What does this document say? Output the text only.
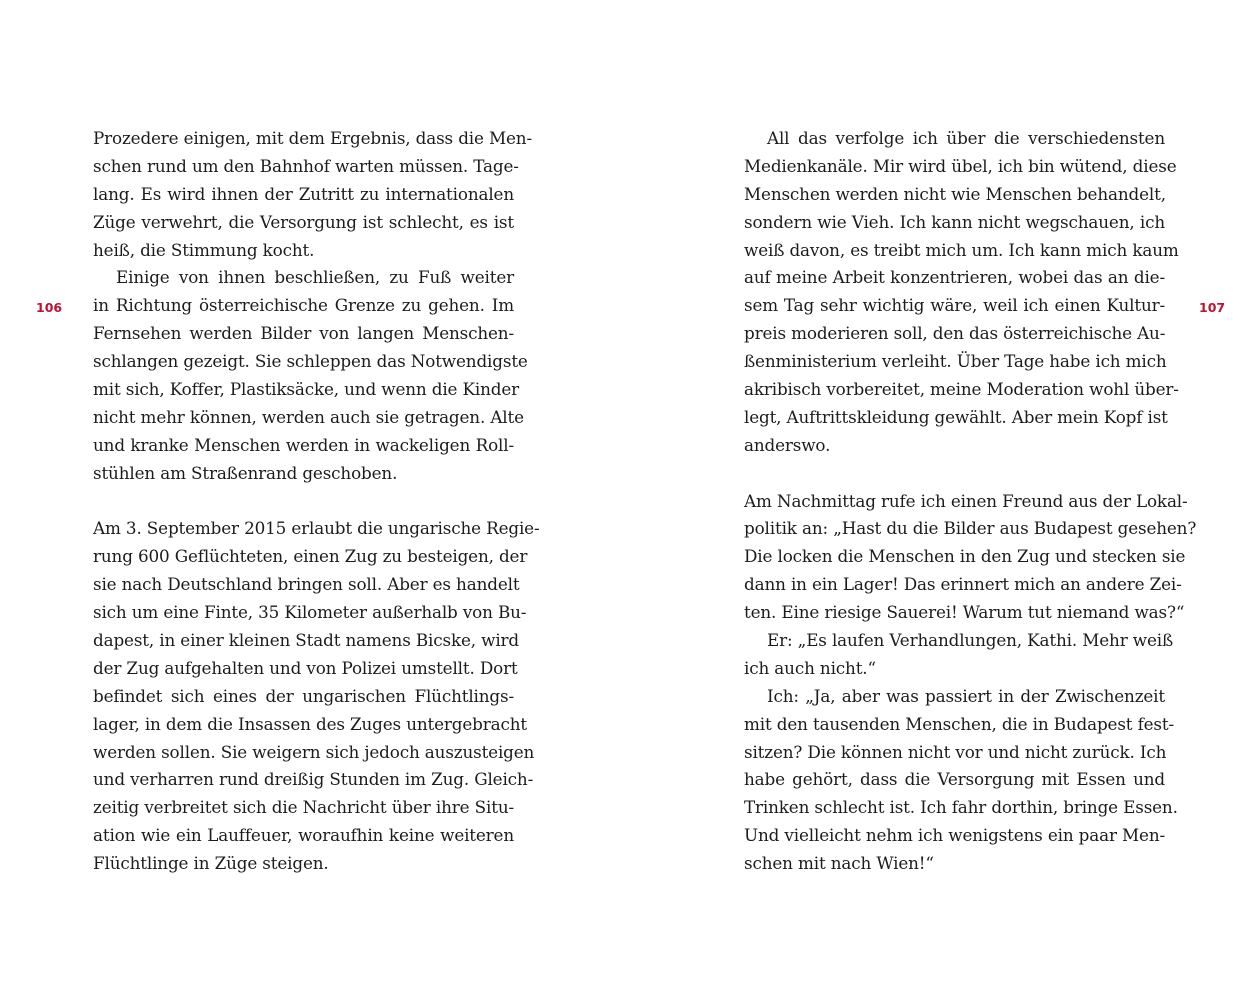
106
Prozedere einigen, mit dem Ergebnis, dass die Men-
schen rund um den Bahnhof warten müssen. Tage-
lang. Es wird ihnen der Zutritt zu internationalen
Züge verwehrt, die Versorgung ist schlecht, es ist
heiß, die Stimmung kocht.
Einige von ihnen beschließen, zu Fuß weiter
in Richtung österreichische Grenze zu gehen. Im
Fernsehen werden Bilder von langen Menschen-
schlangen gezeigt. Sie schleppen das Notwendigste
mit sich, Koffer, Plastiksäcke, und wenn die Kinder
nicht mehr können, werden auch sie getragen. Alte
und kranke Menschen werden in wackeligen Roll-
stühlen am Straßenrand geschoben.
Am 3. September 2015 erlaubt die ungarische Regie-
rung 600 Geflüchteten, einen Zug zu besteigen, der
sie nach Deutschland bringen soll. Aber es handelt
sich um eine Finte, 35 Kilometer außerhalb von Bu-
dapest, in einer kleinen Stadt namens Bicske, wird
der Zug aufgehalten und von Polizei umstellt. Dort
befindet sich eines der ungarischen Flüchtlings-
lager, in dem die Insassen des Zuges untergebracht
werden sollen. Sie weigern sich jedoch auszusteigen
und verharren rund dreißig Stunden im Zug. Gleich-
zeitig verbreitet sich die Nachricht über ihre Situ-
ation wie ein Lauffeuer, woraufhin keine weiteren
Flüchtlinge in Züge steigen.
107
All das verfolge ich über die verschiedensten
Medienkanäle. Mir wird übel, ich bin wütend, diese
Menschen werden nicht wie Menschen behandelt,
sondern wie Vieh. Ich kann nicht wegschauen, ich
weiß davon, es treibt mich um. Ich kann mich kaum
auf meine Arbeit konzentrieren, wobei das an die-
sem Tag sehr wichtig wäre, weil ich einen Kultur-
preis moderieren soll, den das österreichische Au-
ßenministerium verleiht. Über Tage habe ich mich
akribisch vorbereitet, meine Moderation wohl über-
legt, Auftrittskleidung gewählt. Aber mein Kopf ist
anderswo.
Am Nachmittag rufe ich einen Freund aus der Lokal-
politik an: „Hast du die Bilder aus Budapest gesehen?
Die locken die Menschen in den Zug und stecken sie
dann in ein Lager! Das erinnert mich an andere Zei-
ten. Eine riesige Sauerei! Warum tut niemand was?“
Er: „Es laufen Verhandlungen, Kathi. Mehr weiß
ich auch nicht.“
Ich: „Ja, aber was passiert in der Zwischenzeit
mit den tausenden Menschen, die in Budapest fest-
sitzen? Die können nicht vor und nicht zurück. Ich
habe gehört, dass die Versorgung mit Essen und
Trinken schlecht ist. Ich fahr dorthin, bringe Essen.
Und vielleicht nehm ich wenigstens ein paar Men-
schen mit nach Wien!“
